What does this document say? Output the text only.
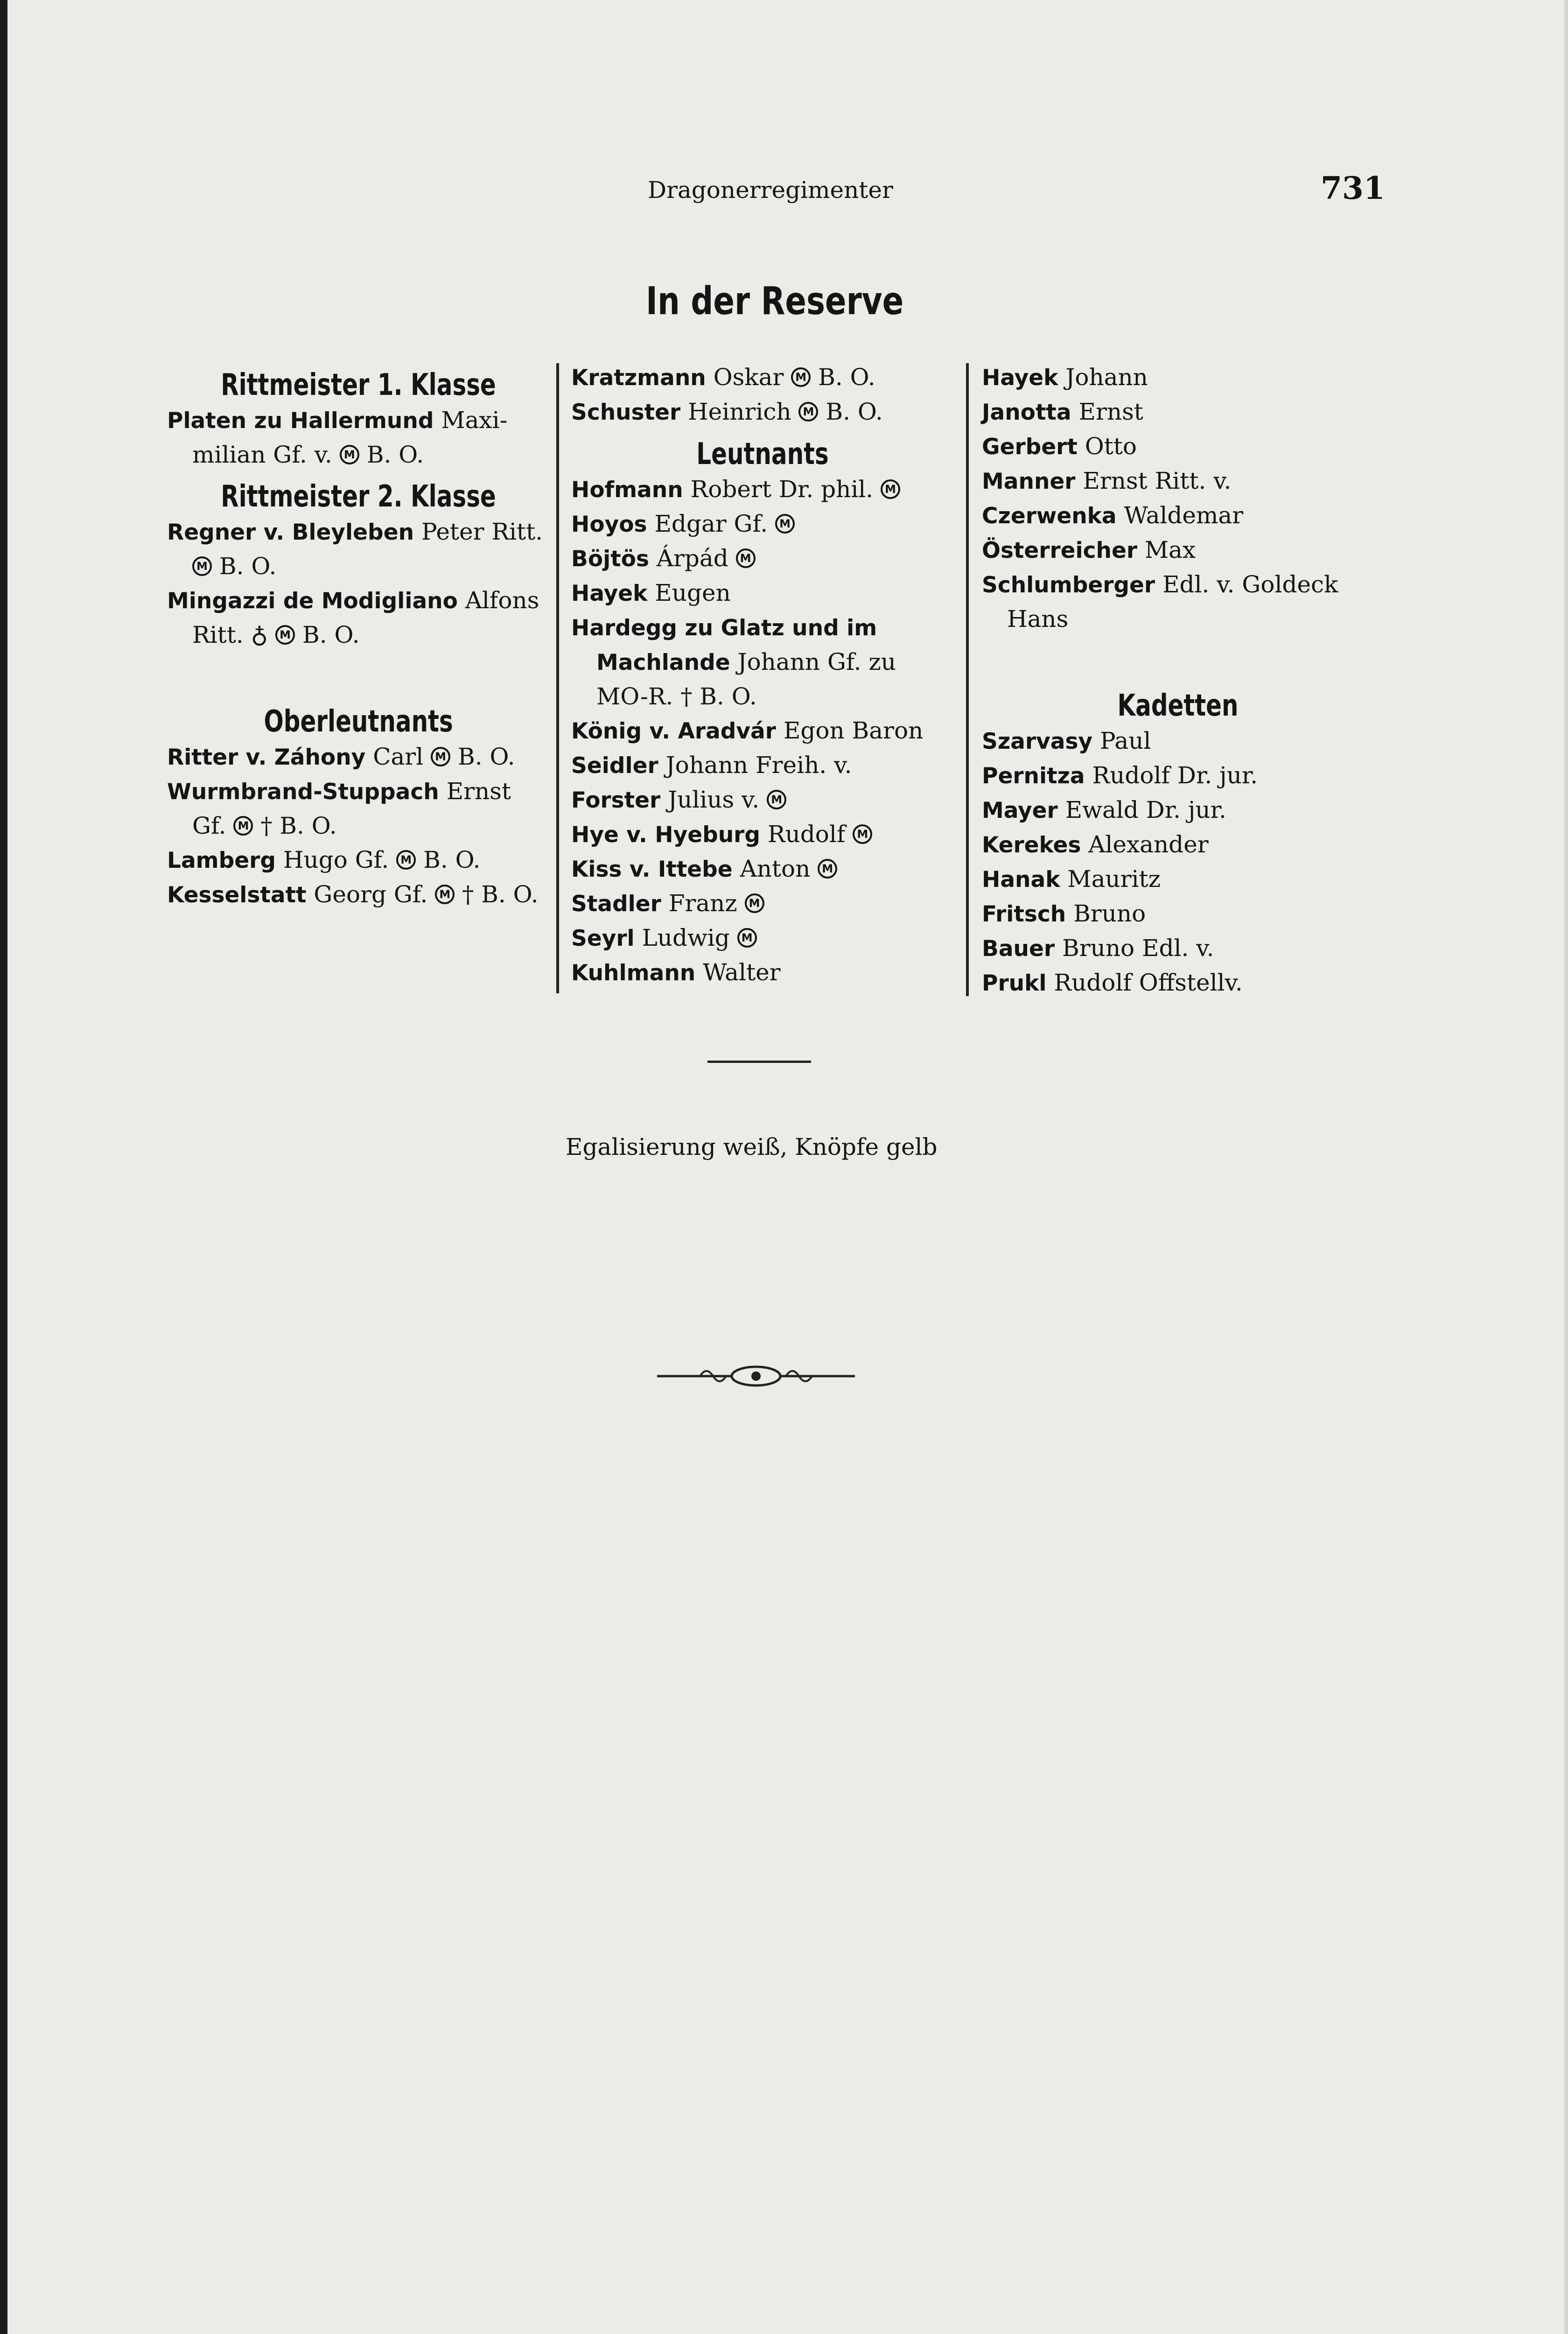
Dragonerregimenter	731
In der Reserve
Rittmeister 1. Klasse
Platen zu Hallermund Maxi-milian Gf. v. M B. O.
Rittmeister 2. Klasse
Regner v. Bleyleben Peter Ritt. M B. O.
Mingazzi de Modigliano Alfons Ritt. ♁ M B. O.
Oberleutnants
Ritter v. Záhony Carl M B. O.
Wurmbrand-Stuppach Ernst Gf. M † B. O.
Lamberg Hugo Gf. M B. O.
Kesselstatt Georg Gf. M † B. O.
Kratzmann Oskar M B. O.
Schuster Heinrich M B. O.
Leutnants
Hofmann Robert Dr. phil. M
Hoyos Edgar Gf. M
Böjtös Árpád M
Hayek Eugen
Hardegg zu Glatz und im Machlande Johann Gf. zu MO-R. † B. O.
König v. Aradvár Egon Baron
Seidler Johann Freih. v.
Forster Julius v. M
Hye v. Hyeburg Rudolf M
Kiss v. Ittebe Anton M
Stadler Franz M
Seyrl Ludwig M
Kuhlmann Walter
Hayek Johann
Janotta Ernst
Gerbert Otto
Manner Ernst Ritt. v.
Czerwenka Waldemar
Österreicher Max
Schlumberger Edl. v. Goldeck Hans
Kadetten
Szarvasy Paul
Pernitza Rudolf Dr. jur.
Mayer Ewald Dr. jur.
Kerekes Alexander
Hanak Mauritz
Fritsch Bruno
Bauer Bruno Edl. v.
Prukl Rudolf Offstellv.
Egalisierung weiß, Knöpfe gelb
